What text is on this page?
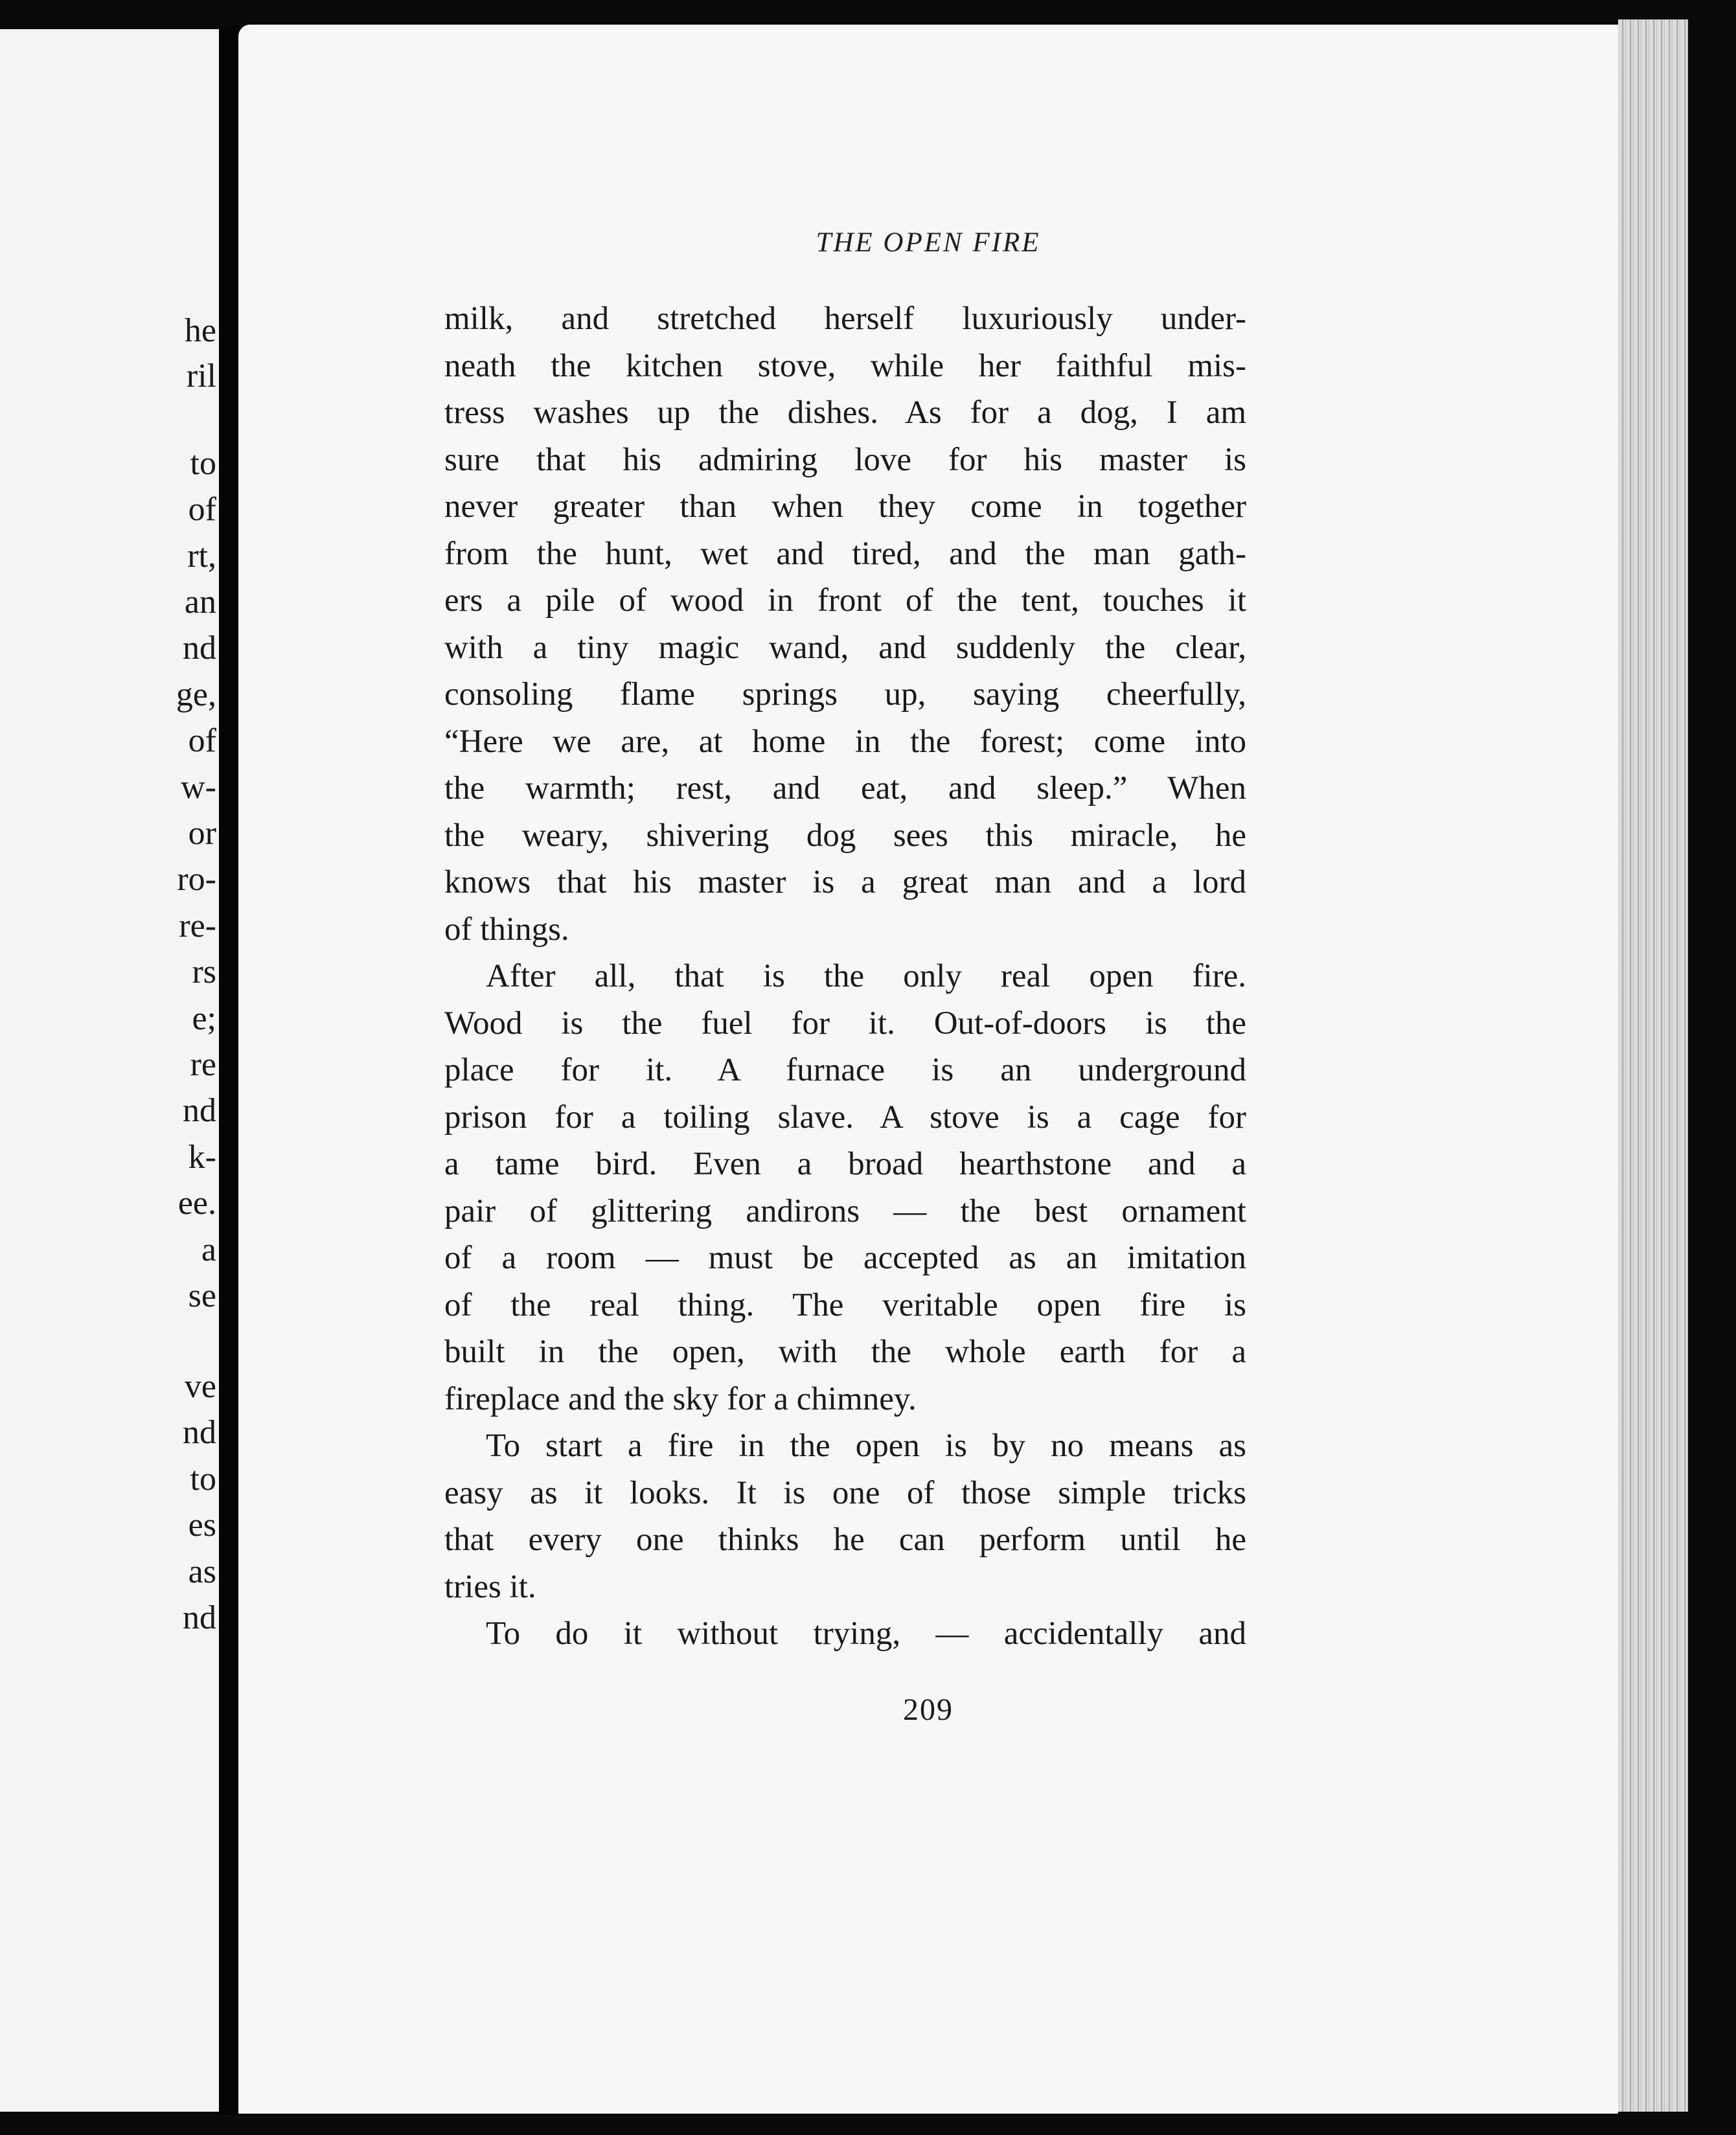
he
ril
to
of
rt,
an
nd
ge,
of
w-
or
ro-
re-
rs
e;
re
nd
k-
ee.
a
se
ve
nd
to
es
as
nd
THE OPEN FIRE
milk, and stretched herself luxuriously under-
neath the kitchen stove, while her faithful mis-
tress washes up the dishes. As for a dog, I am
sure that his admiring love for his master is
never greater than when they come in together
from the hunt, wet and tired, and the man gath-
ers a pile of wood in front of the tent, touches it
with a tiny magic wand, and suddenly the clear,
consoling flame springs up, saying cheerfully,
“Here we are, at home in the forest; come into
the warmth; rest, and eat, and sleep.” When
the weary, shivering dog sees this miracle, he
knows that his master is a great man and a lord
of things.
After all, that is the only real open fire.
Wood is the fuel for it. Out-of-doors is the
place for it. A furnace is an underground
prison for a toiling slave. A stove is a cage for
a tame bird. Even a broad hearthstone and a
pair of glittering andirons — the best ornament
of a room — must be accepted as an imitation
of the real thing. The veritable open fire is
built in the open, with the whole earth for a
fireplace and the sky for a chimney.
To start a fire in the open is by no means as
easy as it looks. It is one of those simple tricks
that every one thinks he can perform until he
tries it.
To do it without trying, — accidentally and
209
